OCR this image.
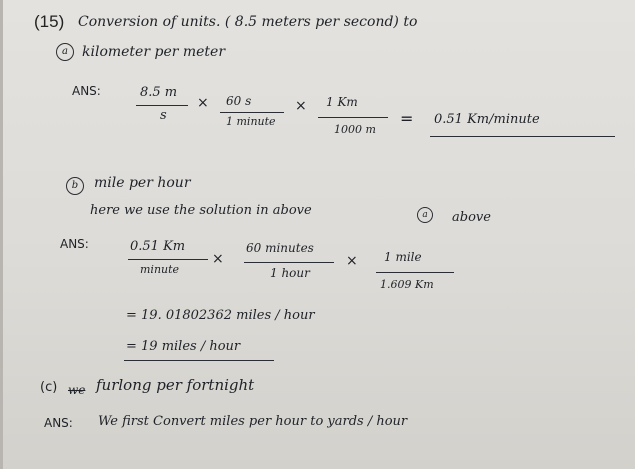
(15) Conversion of units. ( 8.5 meters per second) to
a	kilometer per meter
ANS:	8.5 m
s
× 60 s
1 minute
× 1 Km
1000 m
= 0.51 Km/minute
b	mile per hour
here we use the solution in above	a	above
ANS:	0.51 Km
minute
×
60 minutes
1 hour
× 1 mile
1.609 Km
= 19. 01802362 miles / hour
= 19 miles / hour
(c) we furlong per fortnight
ANS: We first Convert miles per hour to yards / hour
